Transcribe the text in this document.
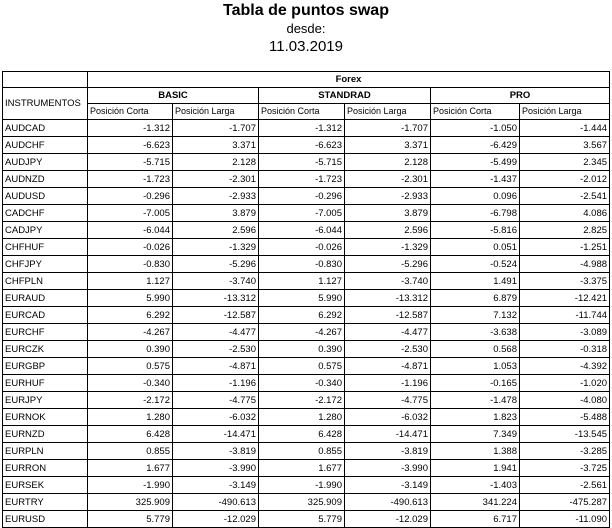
Tabla de puntos swap
desde:
11.03.2019
	Forex					
INSTRUMENTOS	BASIC		STANDRAD		PRO	
	Posición Corta	Posición Larga	Posición Corta	Posición Larga	Posición Corta	Posición Larga
AUDCAD	-1.312	-1.707	-1.312	-1.707	-1.050	-1.444
AUDCHF	-6.623	3.371	-6.623	3.371	-6.429	3.567
AUDJPY	-5.715	2.128	-5.715	2.128	-5.499	2.345
AUDNZD	-1.723	-2.301	-1.723	-2.301	-1.437	-2.012
AUDUSD	-0.296	-2.933	-0.296	-2.933	0.096	-2.541
CADCHF	-7.005	3.879	-7.005	3.879	-6.798	4.086
CADJPY	-6.044	2.596	-6.044	2.596	-5.816	2.825
CHFHUF	-0.026	-1.329	-0.026	-1.329	0.051	-1.251
CHFJPY	-0.830	-5.296	-0.830	-5.296	-0.524	-4.988
CHFPLN	1.127	-3.740	1.127	-3.740	1.491	-3.375
EURAUD	5.990	-13.312	5.990	-13.312	6.879	-12.421
EURCAD	6.292	-12.587	6.292	-12.587	7.132	-11.744
EURCHF	-4.267	-4.477	-4.267	-4.477	-3.638	-3.089
EURCZK	0.390	-2.530	0.390	-2.530	0.568	-0.318
EURGBP	0.575	-4.871	0.575	-4.871	1.053	-4.392
EURHUF	-0.340	-1.196	-0.340	-1.196	-0.165	-1.020
EURJPY	-2.172	-4.775	-2.172	-4.775	-1.478	-4.080
EURNOK	1.280	-6.032	1.280	-6.032	1.823	-5.488
EURNZD	6.428	-14.471	6.428	-14.471	7.349	-13.545
EURPLN	0.855	-3.819	0.855	-3.819	1.388	-3.285
EURRON	1.677	-3.990	1.677	-3.990	1.941	-3.725
EURSEK	-1.990	-3.149	-1.990	-3.149	-1.403	-2.561
EURTRY	325.909	-490.613	325.909	-490.613	341.224	-475.287
EURUSD	5.779	-12.029	5.779	-12.029	6.717	-11.090
